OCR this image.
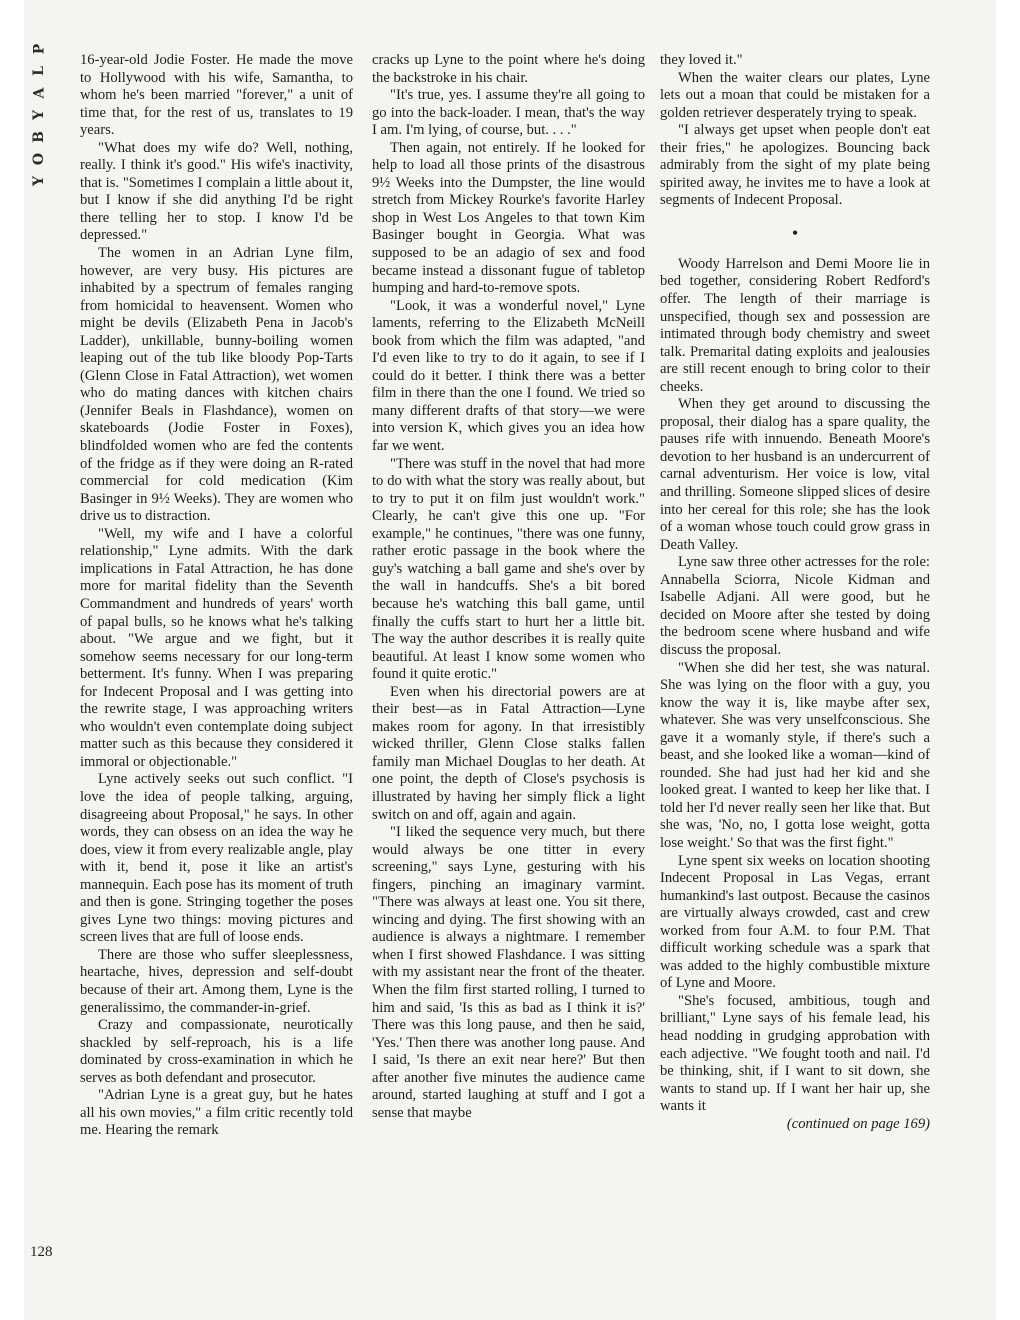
P
L
A
Y
B
O
Y
128

16-year-old Jodie Foster. He made the move to Hollywood with his wife, Samantha, to whom he's been married "forever," a unit of time that, for the rest of us, translates to 19 years.

"What does my wife do? Well, nothing, really. I think it's good." His wife's inactivity, that is. "Sometimes I complain a little about it, but I know if she did anything I'd be right there telling her to stop. I know I'd be depressed."

The women in an Adrian Lyne film, however, are very busy. His pictures are inhabited by a spectrum of females ranging from homicidal to heavensent. Women who might be devils (Elizabeth Pena in Jacob's Ladder), unkillable, bunny-boiling women leaping out of the tub like bloody Pop-Tarts (Glenn Close in Fatal Attraction), wet women who do mating dances with kitchen chairs (Jennifer Beals in Flashdance), women on skateboards (Jodie Foster in Foxes), blindfolded women who are fed the contents of the fridge as if they were doing an R-rated commercial for cold medication (Kim Basinger in 9½ Weeks). They are women who drive us to distraction.

"Well, my wife and I have a colorful relationship," Lyne admits. With the dark implications in Fatal Attraction, he has done more for marital fidelity than the Seventh Commandment and hundreds of years' worth of papal bulls, so he knows what he's talking about. "We argue and we fight, but it somehow seems necessary for our long-term betterment. It's funny. When I was preparing for Indecent Proposal and I was getting into the rewrite stage, I was approaching writers who wouldn't even contemplate doing subject matter such as this because they considered it immoral or objectionable."

Lyne actively seeks out such conflict. "I love the idea of people talking, arguing, disagreeing about Proposal," he says. In other words, they can obsess on an idea the way he does, view it from every realizable angle, play with it, bend it, pose it like an artist's mannequin. Each pose has its moment of truth and then is gone. Stringing together the poses gives Lyne two things: moving pictures and screen lives that are full of loose ends.

There are those who suffer sleeplessness, heartache, hives, depression and self-doubt because of their art. Among them, Lyne is the generalissimo, the commander-in-grief.

Crazy and compassionate, neurotically shackled by self-reproach, his is a life dominated by cross-examination in which he serves as both defendant and prosecutor.

"Adrian Lyne is a great guy, but he hates all his own movies," a film critic recently told me. Hearing the remark

cracks up Lyne to the point where he's doing the backstroke in his chair.

"It's true, yes. I assume they're all going to go into the back-loader. I mean, that's the way I am. I'm lying, of course, but. . . ."

Then again, not entirely. If he looked for help to load all those prints of the disastrous 9½ Weeks into the Dumpster, the line would stretch from Mickey Rourke's favorite Harley shop in West Los Angeles to that town Kim Basinger bought in Georgia. What was supposed to be an adagio of sex and food became instead a dissonant fugue of tabletop humping and hard-to-remove spots.

"Look, it was a wonderful novel," Lyne laments, referring to the Elizabeth McNeill book from which the film was adapted, "and I'd even like to try to do it again, to see if I could do it better. I think there was a better film in there than the one I found. We tried so many different drafts of that story—we were into version K, which gives you an idea how far we went.

"There was stuff in the novel that had more to do with what the story was really about, but to try to put it on film just wouldn't work." Clearly, he can't give this one up. "For example," he continues, "there was one funny, rather erotic passage in the book where the guy's watching a ball game and she's over by the wall in handcuffs. She's a bit bored because he's watching this ball game, until finally the cuffs start to hurt her a little bit. The way the author describes it is really quite beautiful. At least I know some women who found it quite erotic."

Even when his directorial powers are at their best—as in Fatal Attraction—Lyne makes room for agony. In that irresistibly wicked thriller, Glenn Close stalks fallen family man Michael Douglas to her death. At one point, the depth of Close's psychosis is illustrated by having her simply flick a light switch on and off, again and again.

"I liked the sequence very much, but there would always be one titter in every screening," says Lyne, gesturing with his fingers, pinching an imaginary varmint. "There was always at least one. You sit there, wincing and dying. The first showing with an audience is always a nightmare. I remember when I first showed Flashdance. I was sitting with my assistant near the front of the theater. When the film first started rolling, I turned to him and said, 'Is this as bad as I think it is?' There was this long pause, and then he said, 'Yes.' Then there was another long pause. And I said, 'Is there an exit near here?' But then after another five minutes the audience came around, started laughing at stuff and I got a sense that maybe

they loved it."

When the waiter clears our plates, Lyne lets out a moan that could be mistaken for a golden retriever desperately trying to speak.

"I always get upset when people don't eat their fries," he apologizes. Bouncing back admirably from the sight of my plate being spirited away, he invites me to have a look at segments of Indecent Proposal.

•

Woody Harrelson and Demi Moore lie in bed together, considering Robert Redford's offer. The length of their marriage is unspecified, though sex and possession are intimated through body chemistry and sweet talk. Premarital dating exploits and jealousies are still recent enough to bring color to their cheeks.

When they get around to discussing the proposal, their dialog has a spare quality, the pauses rife with innuendo. Beneath Moore's devotion to her husband is an undercurrent of carnal adventurism. Her voice is low, vital and thrilling. Someone slipped slices of desire into her cereal for this role; she has the look of a woman whose touch could grow grass in Death Valley.

Lyne saw three other actresses for the role: Annabella Sciorra, Nicole Kidman and Isabelle Adjani. All were good, but he decided on Moore after she tested by doing the bedroom scene where husband and wife discuss the proposal.

"When she did her test, she was natural. She was lying on the floor with a guy, you know the way it is, like maybe after sex, whatever. She was very unselfconscious. She gave it a womanly style, if there's such a beast, and she looked like a woman—kind of rounded. She had just had her kid and she looked great. I wanted to keep her like that. I told her I'd never really seen her like that. But she was, 'No, no, I gotta lose weight, gotta lose weight.' So that was the first fight."

Lyne spent six weeks on location shooting Indecent Proposal in Las Vegas, errant humankind's last outpost. Because the casinos are virtually always crowded, cast and crew worked from four A.M. to four P.M. That difficult working schedule was a spark that was added to the highly combustible mixture of Lyne and Moore.

"She's focused, ambitious, tough and brilliant," Lyne says of his female lead, his head nodding in grudging approbation with each adjective. "We fought tooth and nail. I'd be thinking, shit, if I want to sit down, she wants to stand up. If I want her hair up, she wants it

(continued on page 169)
